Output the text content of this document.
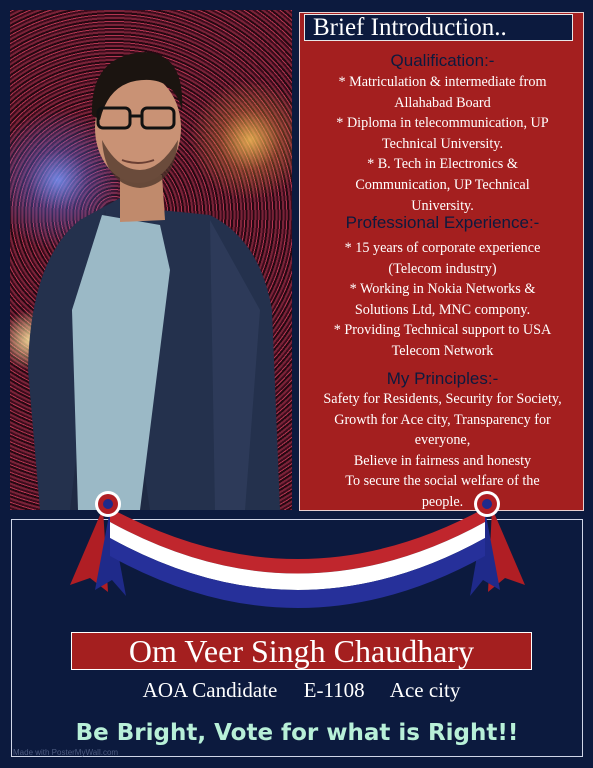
Brief Introduction..
Qualification:-
* Matriculation & intermediate from
Allahabad Board
* Diploma in telecommunication, UP
Technical University.
* B. Tech in Electronics &
Communication, UP Technical
University.
Professional Experience:-
* 15 years of corporate experience
(Telecom industry)
* Working in Nokia Networks &
Solutions Ltd, MNC compony.
* Providing Technical support to USA
Telecom Network
My Principles:-
Safety for Residents, Security for Society,
Growth for Ace city, Transparency for
everyone,
Believe in fairness and honesty
To secure the social welfare of the
people.
Om Veer Singh Chaudhary
AOA Candidate E-1108 Ace city
Be Bright, Vote for what is Right!!
Made with PosterMyWall.com
